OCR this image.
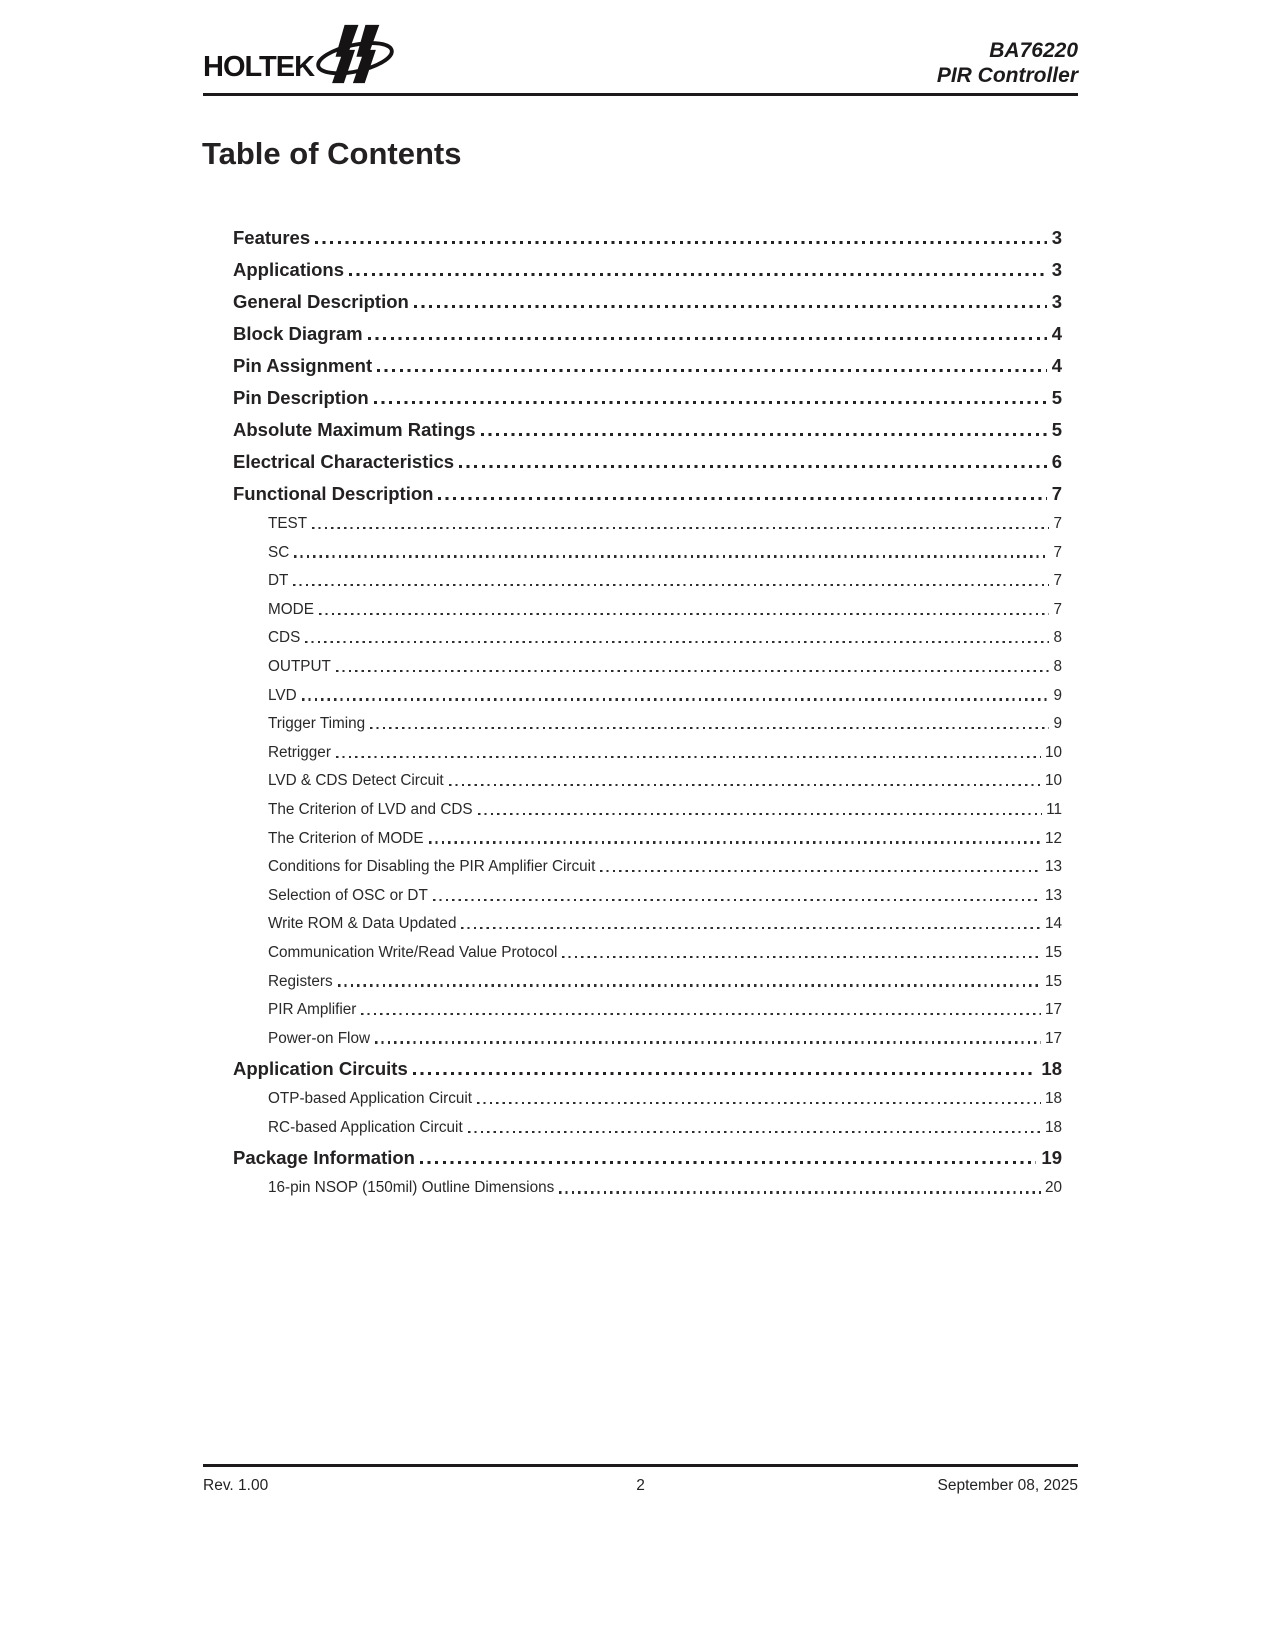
HOLTEK
BA76220
PIR Controller
Table of Contents
Features	3
Applications	3
General Description	3
Block Diagram	4
Pin Assignment	4
Pin Description	5
Absolute Maximum Ratings	5
Electrical Characteristics	6
Functional Description	7
TEST	7
SC	7
DT	7
MODE	7
CDS	8
OUTPUT	8
LVD	9
Trigger Timing	9
Retrigger	10
LVD & CDS Detect Circuit	10
The Criterion of LVD and CDS	11
The Criterion of MODE	12
Conditions for Disabling the PIR Amplifier Circuit	13
Selection of OSC or DT	13
Write ROM & Data Updated	14
Communication Write/Read Value Protocol	15
Registers	15
PIR Amplifier	17
Power-on Flow	17
Application Circuits	18
OTP-based Application Circuit	18
RC-based Application Circuit	18
Package Information	19
16-pin NSOP (150mil) Outline Dimensions	20
Rev. 1.00	2	September 08, 2025
